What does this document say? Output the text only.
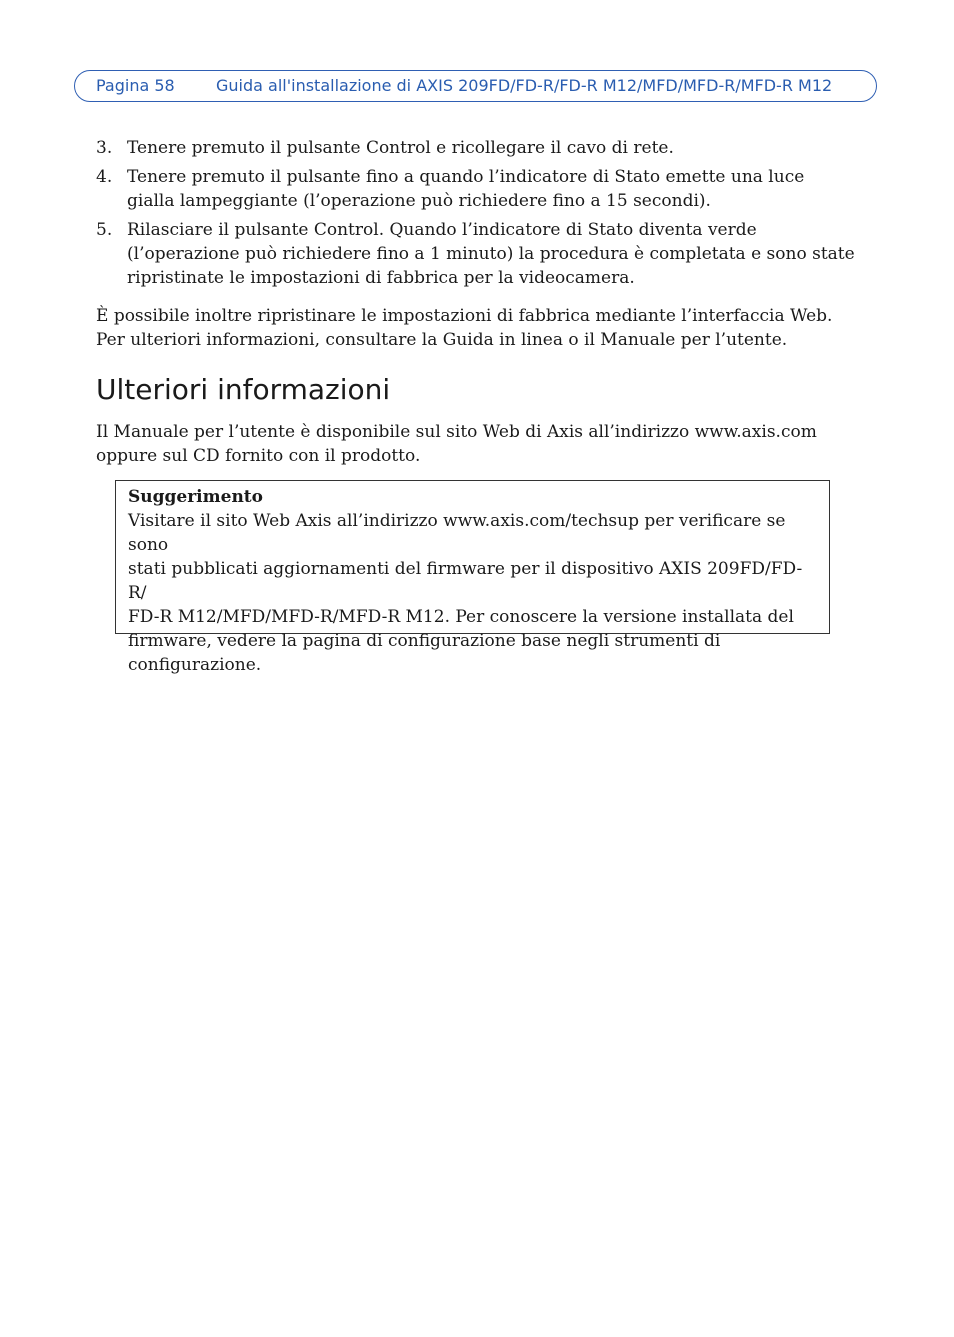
Pagina 58	Guida all'installazione di AXIS 209FD/FD-R/FD-R M12/MFD/MFD-R/MFD-R M12
3. Tenere premuto il pulsante Control e ricollegare il cavo di rete.
4. Tenere premuto il pulsante fino a quando l’indicatore di Stato emette una luce gialla lampeggiante (l’operazione può richiedere fino a 15 secondi).
5. Rilasciare il pulsante Control. Quando l’indicatore di Stato diventa verde (l’operazione può richiedere fino a 1 minuto) la procedura è completata e sono state ripristinate le impostazioni di fabbrica per la videocamera.

È possibile inoltre ripristinare le impostazioni di fabbrica mediante l’interfaccia Web. Per ulteriori informazioni, consultare la Guida in linea o il Manuale per l’utente.

Ulteriori informazioni

Il Manuale per l’utente è disponibile sul sito Web di Axis all’indirizzo www.axis.com oppure sul CD fornito con il prodotto.

Suggerimento
Visitare il sito Web Axis all’indirizzo www.axis.com/techsup per verificare se sono
stati pubblicati aggiornamenti del firmware per il dispositivo AXIS 209FD/FD-R/
FD-R M12/MFD/MFD-R/MFD-R M12. Per conoscere la versione installata del
firmware, vedere la pagina di configurazione base negli strumenti di
configurazione.
